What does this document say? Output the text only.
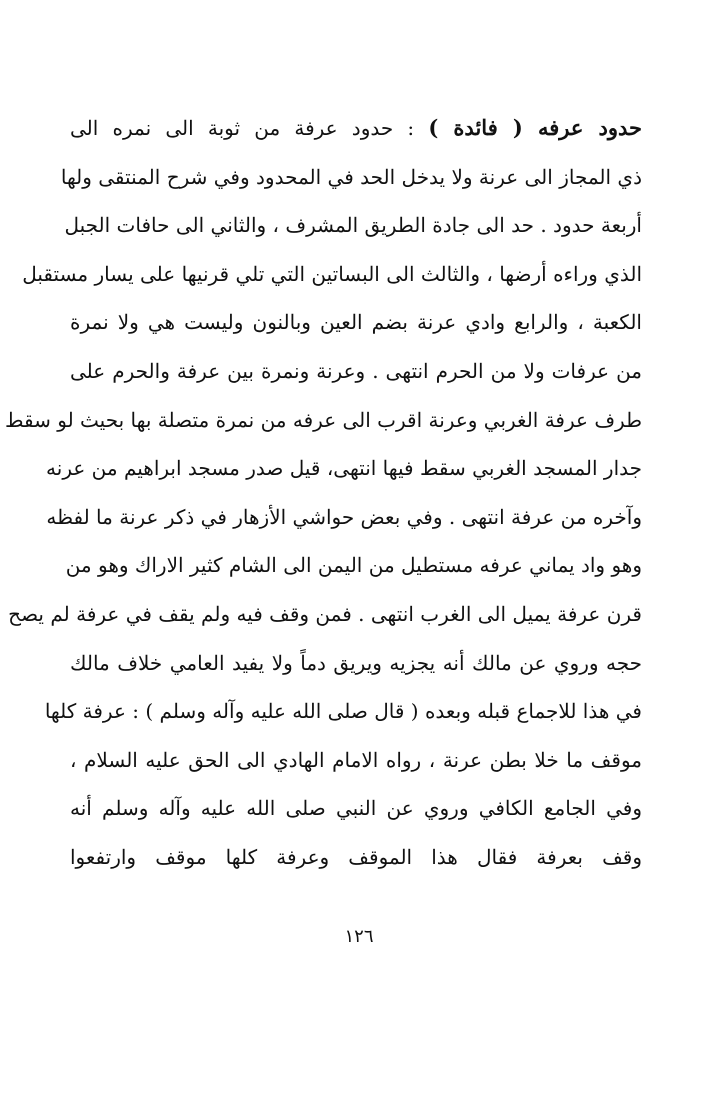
حدود عرفه ( فائدة ) : حدود عرفة من ثوبة الى نمره الى
ذي المجاز الى عرنة ولا يدخل الحد في المحدود وفي شرح المنتقى ولها
أربعة حدود . حد الى جادة الطريق المشرف ، والثاني الى حافات الجبل
الذي وراءه أرضها ، والثالث الى البساتين التي تلي قرنيها على يسار مستقبل
الكعبة ، والرابع وادي عرنة بضم العين وبالنون وليست هي ولا نمرة
من عرفات ولا من الحرم انتهى . وعرنة ونمرة بين عرفة والحرم على
طرف عرفة الغربي وعرنة اقرب الى عرفه من نمرة متصلة بها بحيث لو سقط
جدار المسجد الغربي سقط فيها انتهى، قيل صدر مسجد ابراهيم من عرنه
وآخره من عرفة انتهى . وفي بعض حواشي الأزهار في ذكر عرنة ما لفظه
وهو واد يماني عرفه مستطيل من اليمن الى الشام كثير الاراك وهو من
قرن عرفة يميل الى الغرب انتهى . فمن وقف فيه ولم يقف في عرفة لم يصح
حجه وروي عن مالك أنه يجزيه ويريق دماً ولا يفيد العامي خلاف مالك
في هذا للاجماع قبله وبعده ( قال صلى الله عليه وآله وسلم ) : عرفة كلها
موقف ما خلا بطن عرنة ، رواه الامام الهادي الى الحق عليه السلام ،
وفي الجامع الكافي وروي عن النبي صلى الله عليه وآله وسلم أنه
وقف بعرفة فقال هذا الموقف وعرفة كلها موقف وارتفعوا
١٢٦
